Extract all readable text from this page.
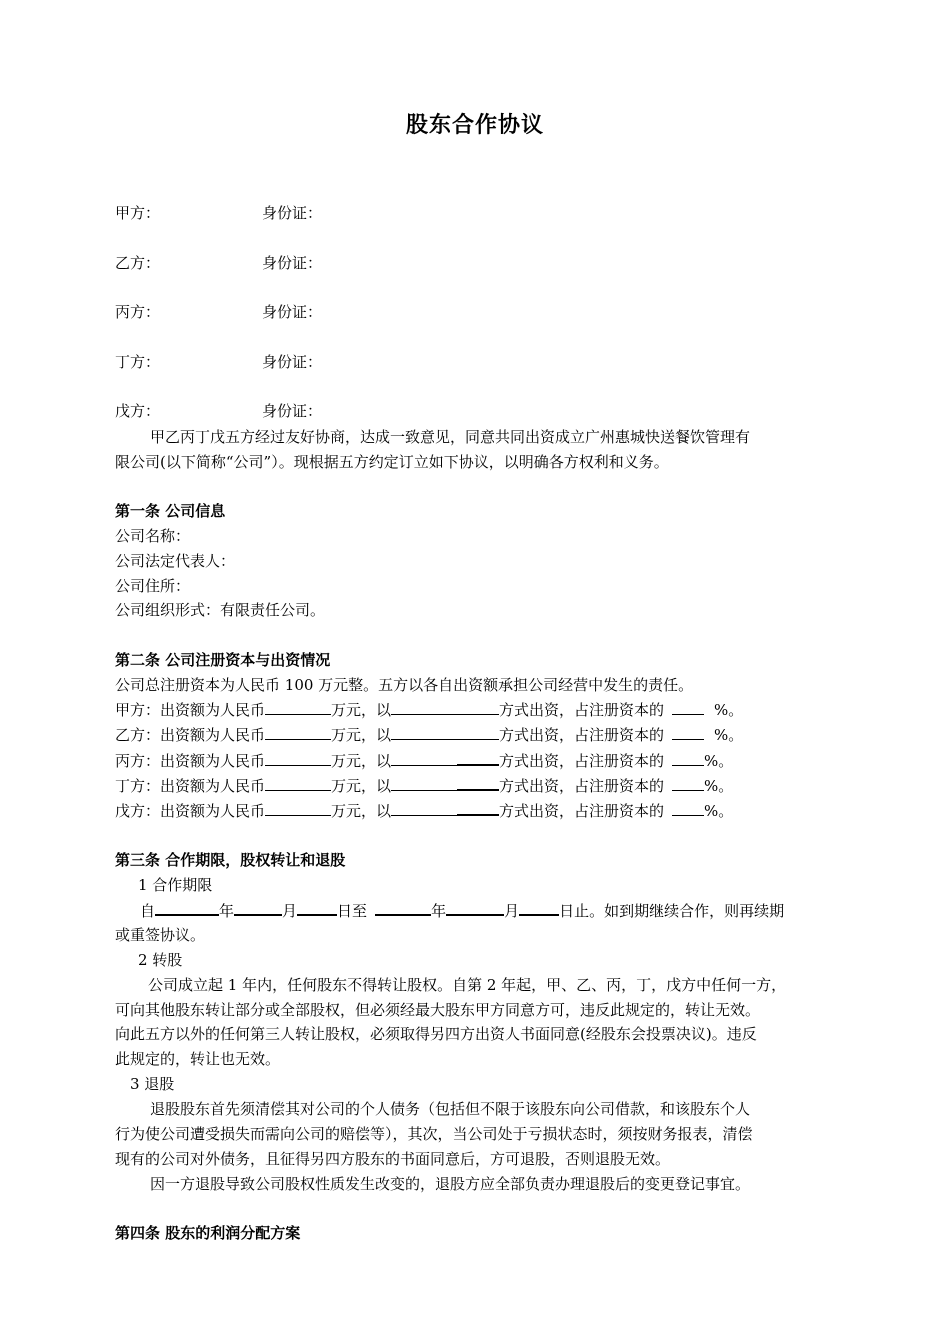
股东合作协议
甲方：	身份证：
乙方：	身份证：
丙方：	身份证：
丁方：	身份证：
戊方：	身份证：
甲乙丙丁戊五方经过友好协商，达成一致意见，同意共同出资成立广州惠城快送餐饮管理有
限公司(以下简称“公司”）。现根据五方约定订立如下协议，以明确各方权利和义务。
第一条 公司信息
公司名称：
公司法定代表人：
公司住所：
公司组织形式：有限责任公司。
第二条 公司注册资本与出资情况
公司总注册资本为人民币 100 万元整。五方以各自出资额承担公司经营中发生的责任。
甲方：出资额为人民币	万元，以	方式出资，占注册资本的	%。
乙方：出资额为人民币	万元，以	方式出资，占注册资本的	%。
丙方：出资额为人民币	万元，以	方式出资，占注册资本的	%。
丁方：出资额为人民币	万元，以	方式出资，占注册资本的	%。
戊方：出资额为人民币	万元，以	方式出资，占注册资本的	%。
第三条 合作期限，股权转让和退股
1 合作期限
自	年	月	日至	年	月	日止。如到期继续合作，则再续期
或重签协议。
2 转股
公司成立起 1 年内，任何股东不得转让股权。自第 2 年起，甲、乙、丙，丁，戊方中任何一方，
可向其他股东转让部分或全部股权，但必须经最大股东甲方同意方可，违反此规定的，转让无效。
向此五方以外的任何第三人转让股权，必须取得另四方出资人书面同意(经股东会投票决议)。违反
此规定的，转让也无效。
3 退股
退股股东首先须清偿其对公司的个人债务（包括但不限于该股东向公司借款，和该股东个人
行为使公司遭受损失而需向公司的赔偿等），其次，当公司处于亏损状态时，须按财务报表，清偿
现有的公司对外债务，且征得另四方股东的书面同意后，方可退股，否则退股无效。
因一方退股导致公司股权性质发生改变的，退股方应全部负责办理退股后的变更登记事宜。
第四条 股东的利润分配方案
